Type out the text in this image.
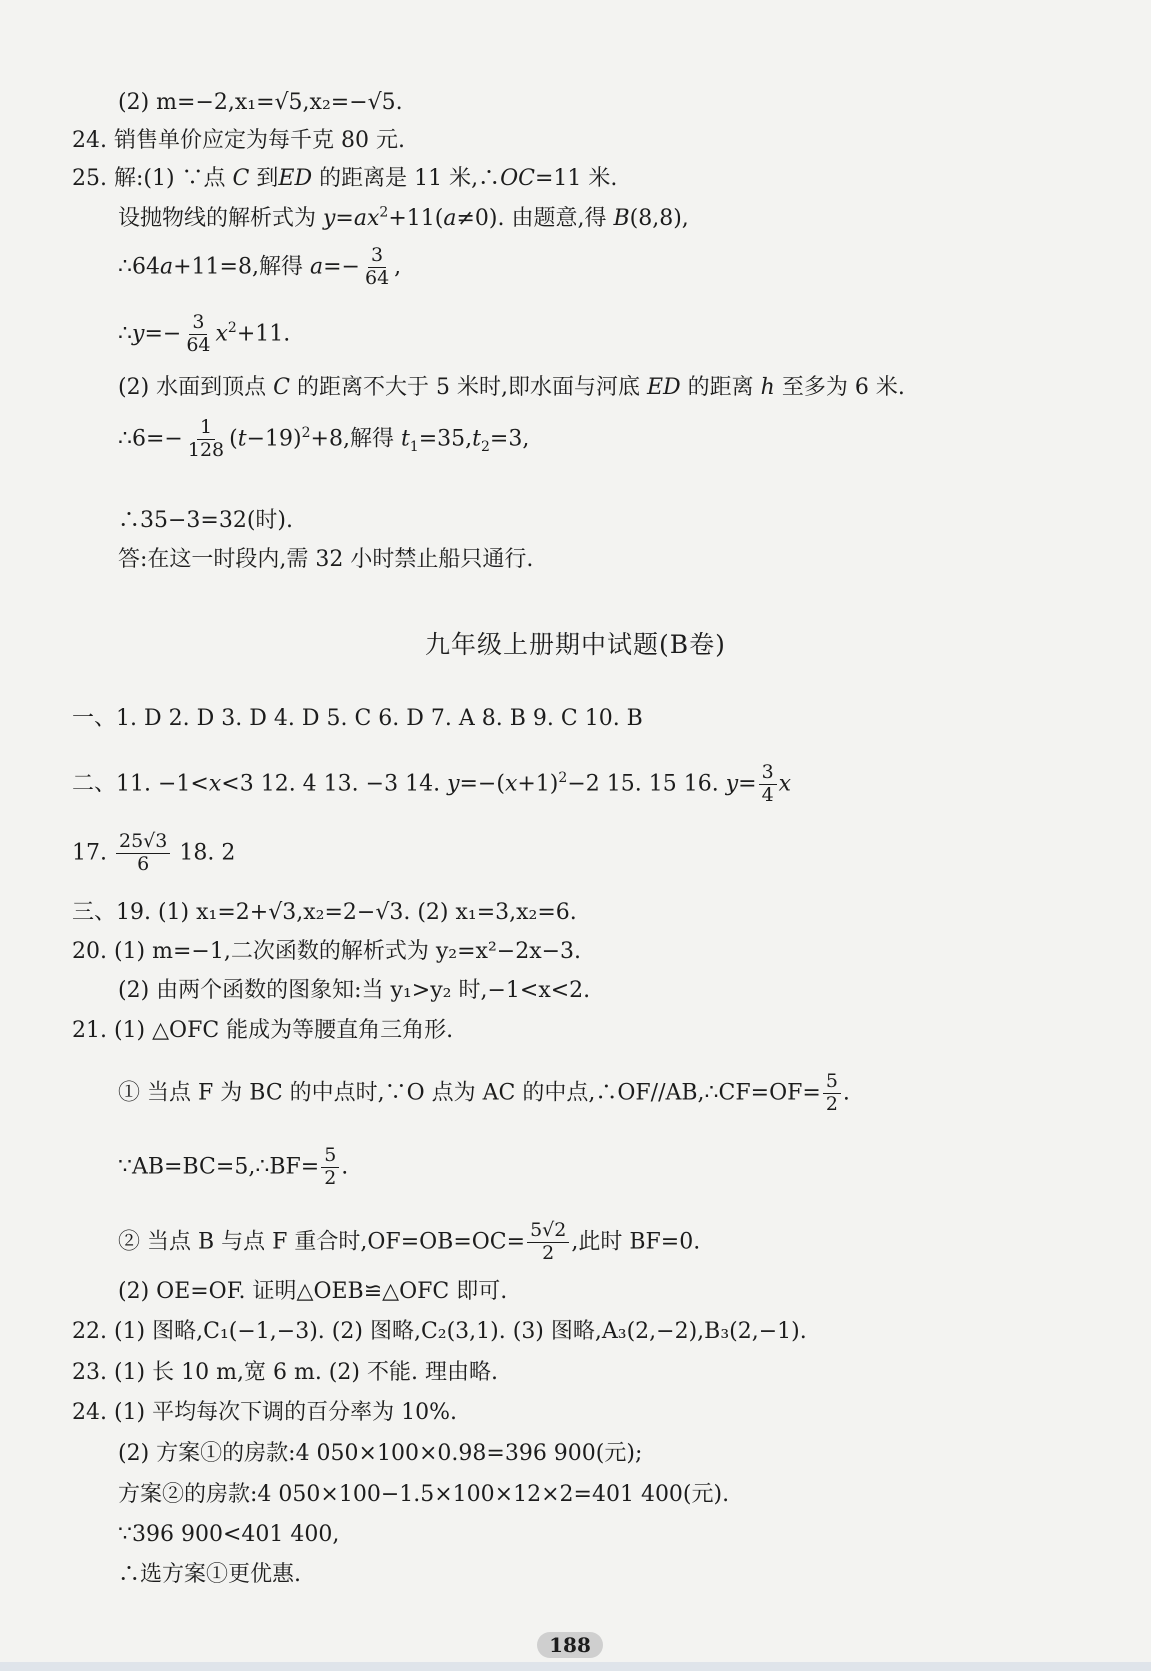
(2) m=−2,x₁=√5,x₂=−√5.
24. 销售单价应定为每千克 80 元.
25. 解:(1) ∵点 C 到ED 的距离是 11 米,∴OC=11 米.
设抛物线的解析式为 $y=ax^2+11(a\ne 0)$. 由题意,得 B(8,8),
∴64a+11=8,解得 $a=- \frac{3}{64}$ ,
∴y=− $\frac{3}{64} x^2+11$.
(2) 水面到顶点 C 的距离不大于 5 米时,即水面与河底 ED 的距离 h 至多为 6 米.
∴6=− $\frac{1}{128} (t-19)^2+8$,解得 $t_1=35,t_2=3$,
∴35−3=32(时).
答:在这一时段内,需 32 小时禁止船只通行.
九年级上册期中试题(B卷)
一、1. D 2. D 3. D 4. D 5. C 6. D 7. A 8. B 9. C 10. B
二、11. −1<x<3 12. 4 13. −3 14. $y=-(x+1)^2-2$ 15. 15 16. $y= \frac{3}{4}$ x
17. $\frac{25√3}{6} 18$. 2
三、19. (1) x₁=2+√3,x₂=2−√3. (2) x₁=3,x₂=6.
20. (1) m=−1,二次函数的解析式为 y₂=x²−2x−3.
(2) 由两个函数的图象知:当 y₁>y₂ 时,−1<x<2.
21. (1) △OFC 能成为等腰直角三角形.
① 当点 F 为 BC 的中点时,∵O 点为 AC 的中点,∴OF//AB,∴CF=OF= $\frac{5}{2}$ .
∵AB=BC=5,∴BF= $\frac{5}{2}$ .
② 当点 B 与点 F 重合时$,OF=OB=OC= \frac{5√2}{2}$ ,此时 BF=0.
(2) OE=OF. 证明△OEB≌△OFC 即可.
22. (1) 图略,C₁(−1,−3). (2) 图略,C₂(3,1). (3) 图略,A₃(2,−2),B₃(2,−1).
23. (1) 长 10 m,宽 6 m. (2) 不能. 理由略.
24. (1) 平均每次下调的百分率为 10%.
(2) 方案①的房款:4 050×100×0.98=396 900(元);
方案②的房款:4 050×100−1.5×100×12×2=401 400(元).
∵396 900<401 400,
∴选方案①更优惠.
188
